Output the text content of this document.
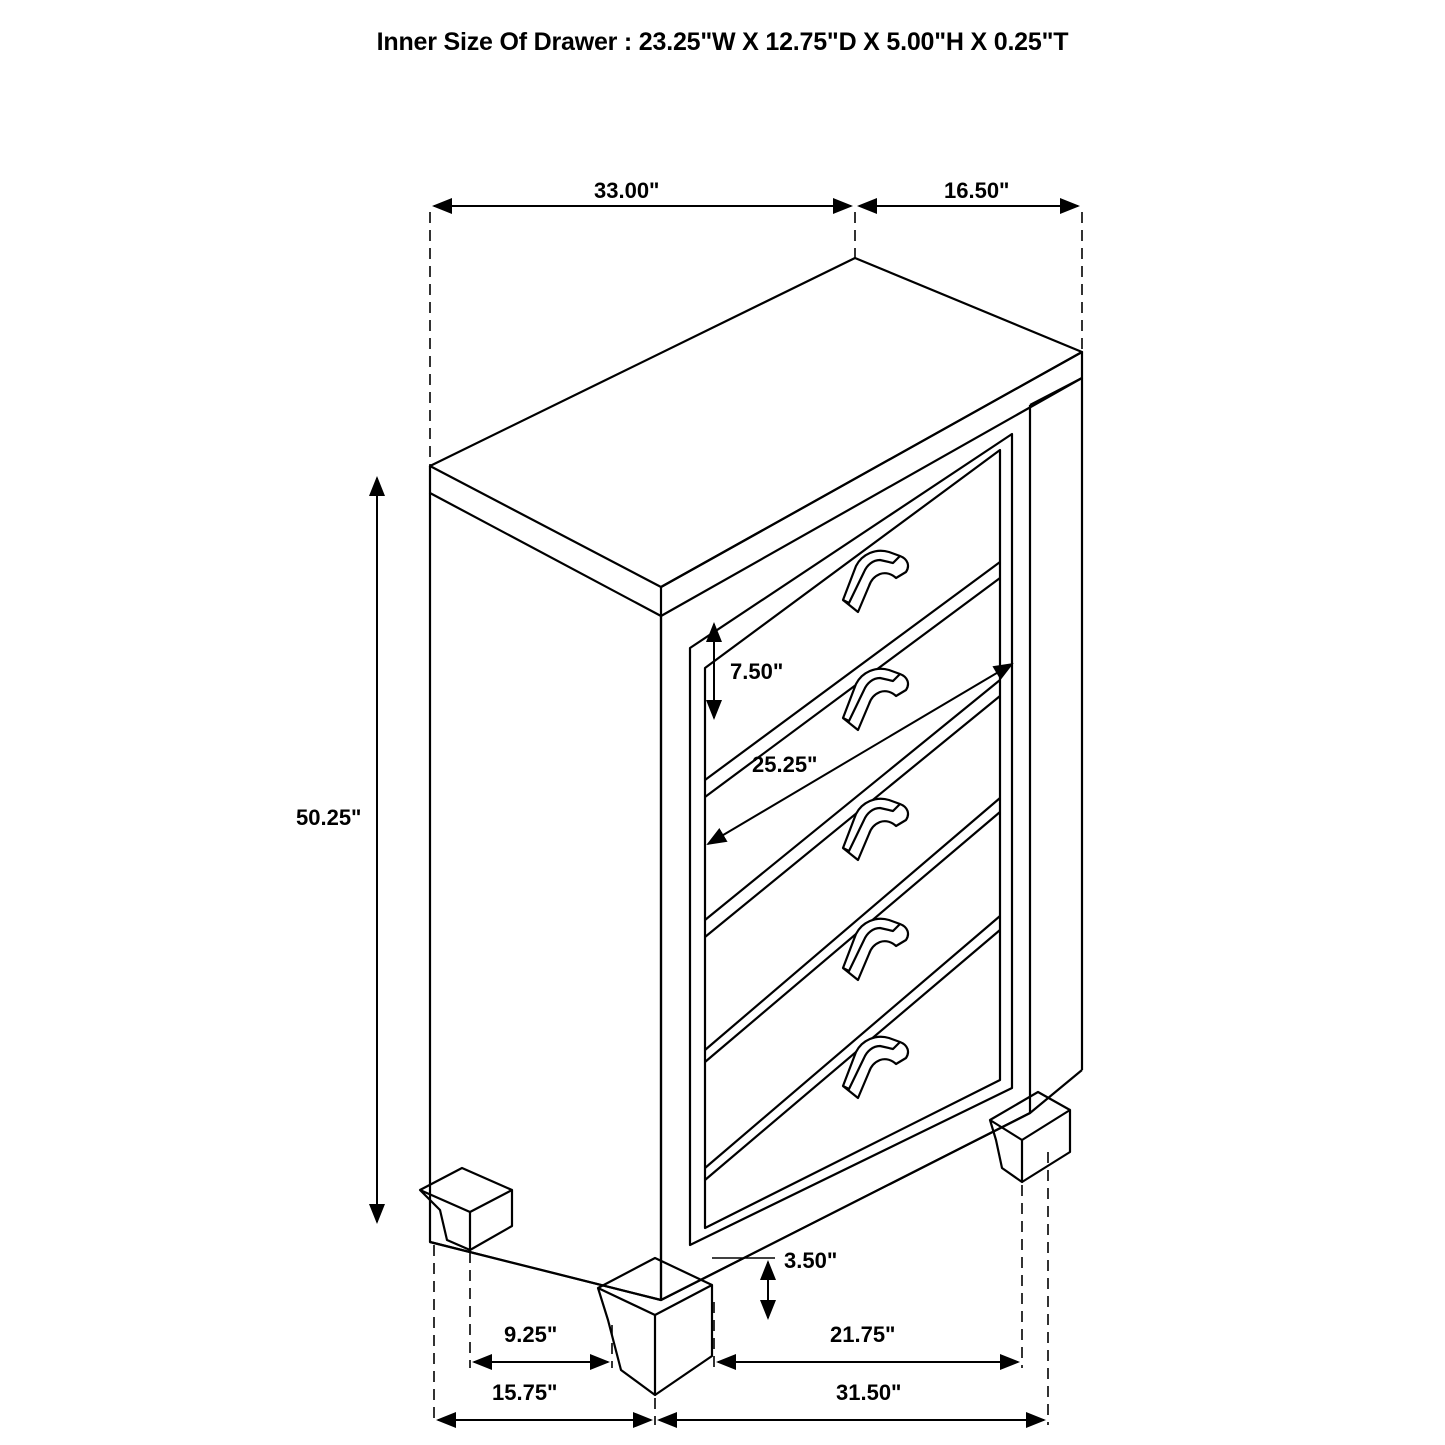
Inner Size Of Drawer : 23.25"W X 12.75"D X 5.00"H X 0.25"T
33.00"	16.50"
50.25"
7.50"
25.25"
3.50"
9.25"	21.75"
15.75"	31.50"
